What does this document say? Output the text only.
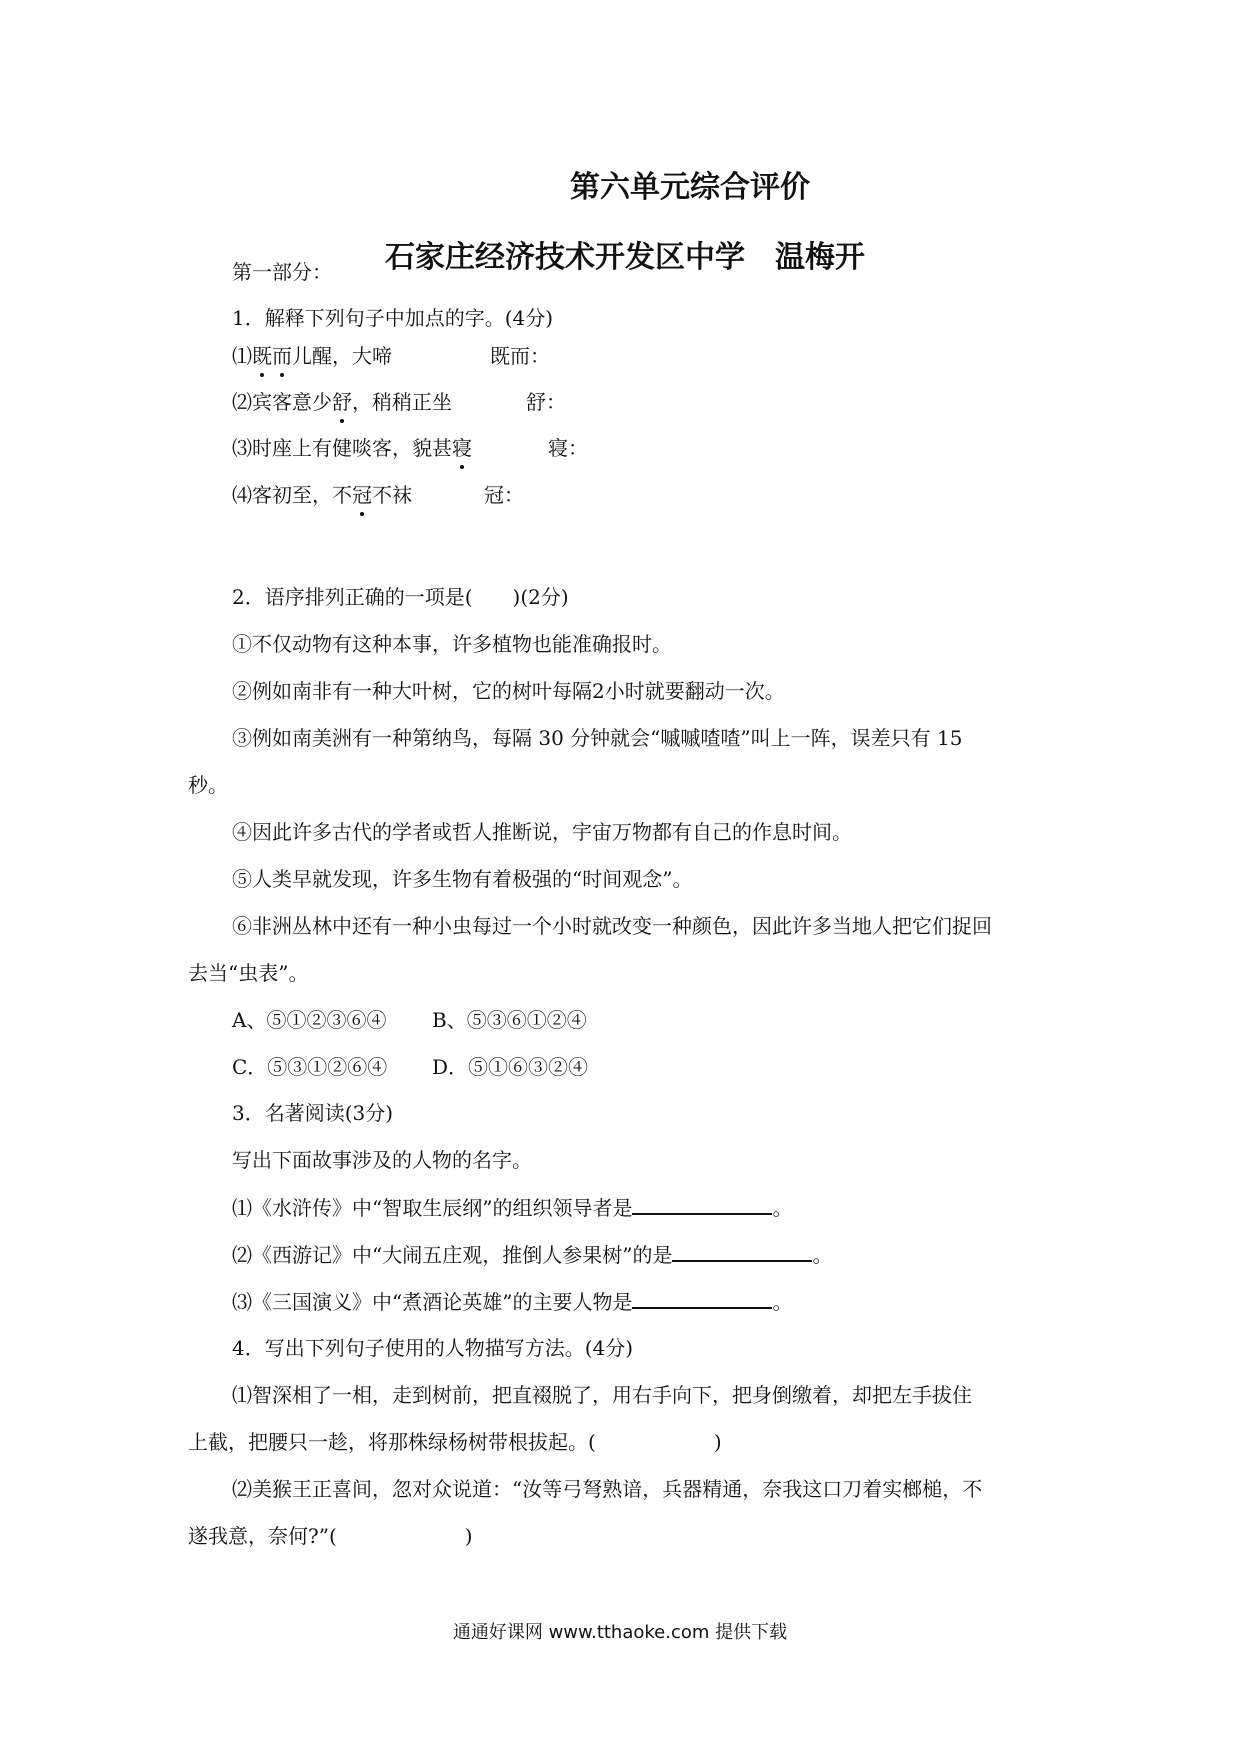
第六单元综合评价
石家庄经济技术开发区中学　温梅开
第一部分：
1．解释下列句子中加点的字。(4分)
⑴既而儿醒，大啼	既而：
⑵宾客意少舒，稍稍正坐	舒：
⑶时座上有健啖客，貌甚寝	寝：
⑷客初至，不冠不袜	冠：
2．语序排列正确的一项是(　　)(2分)
①不仅动物有这种本事，许多植物也能准确报时。
②例如南非有一种大叶树，它的树叶每隔2小时就要翻动一次。
③例如南美洲有一种第纳鸟，每隔 30 分钟就会“嘁嘁喳喳”叫上一阵，误差只有 15
秒。
④因此许多古代的学者或哲人推断说，宇宙万物都有自己的作息时间。
⑤人类早就发现，许多生物有着极强的“时间观念”。
⑥非洲丛林中还有一种小虫每过一个小时就改变一种颜色，因此许多当地人把它们捉回
去当“虫表”。
A、⑤①②③⑥④ B、⑤③⑥①②④
C．⑤③①②⑥④ D．⑤①⑥③②④
3．名著阅读(3分)
写出下面故事涉及的人物的名字。
⑴《水浒传》中“智取生辰纲”的组织领导者是	。
⑵《西游记》中“大闹五庄观，推倒人参果树”的是	。
⑶《三国演义》中“煮酒论英雄”的主要人物是	。
4．写出下列句子使用的人物描写方法。(4分)
⑴智深相了一相，走到树前，把直裰脱了，用右手向下，把身倒缴着，却把左手拔住
上截，把腰只一趁，将那株绿杨树带根拔起。(	)
⑵美猴王正喜间，忽对众说道：“汝等弓弩熟谙，兵器精通，奈我这口刀着实榔槌，不
遂我意，奈何?”(	)
通通好课网 www.tthaoke.com 提供下载
